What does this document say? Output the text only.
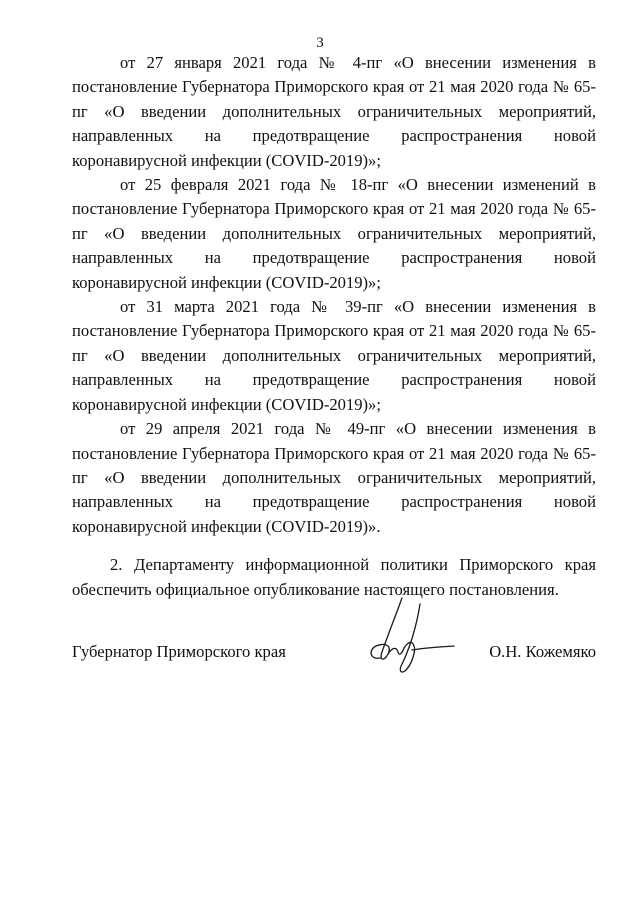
3

от 27 января 2021 года № 4-пг «О внесении изменения в постановление Губернатора Приморского края от 21 мая 2020 года № 65-пг «О введении дополнительных ограничительных мероприятий, направленных на предотвращение распространения новой коронавирусной инфекции (COVID-2019)»;

от 25 февраля 2021 года № 18-пг «О внесении изменений в постановление Губернатора Приморского края от 21 мая 2020 года № 65-пг «О введении дополнительных ограничительных мероприятий, направленных на предотвращение распространения новой коронавирусной инфекции (COVID-2019)»;

от 31 марта 2021 года № 39-пг «О внесении изменения в постановление Губернатора Приморского края от 21 мая 2020 года № 65-пг «О введении дополнительных ограничительных мероприятий, направленных на предотвращение распространения новой коронавирусной инфекции (COVID-2019)»;

от 29 апреля 2021 года № 49-пг «О внесении изменения в постановление Губернатора Приморского края от 21 мая 2020 года № 65-пг «О введении дополнительных ограничительных мероприятий, направленных на предотвращение распространения новой коронавирусной инфекции (COVID-2019)».

2. Департаменту информационной политики Приморского края обеспечить официальное опубликование настоящего постановления.

Губернатор Приморского края	О.Н. Кожемяко
